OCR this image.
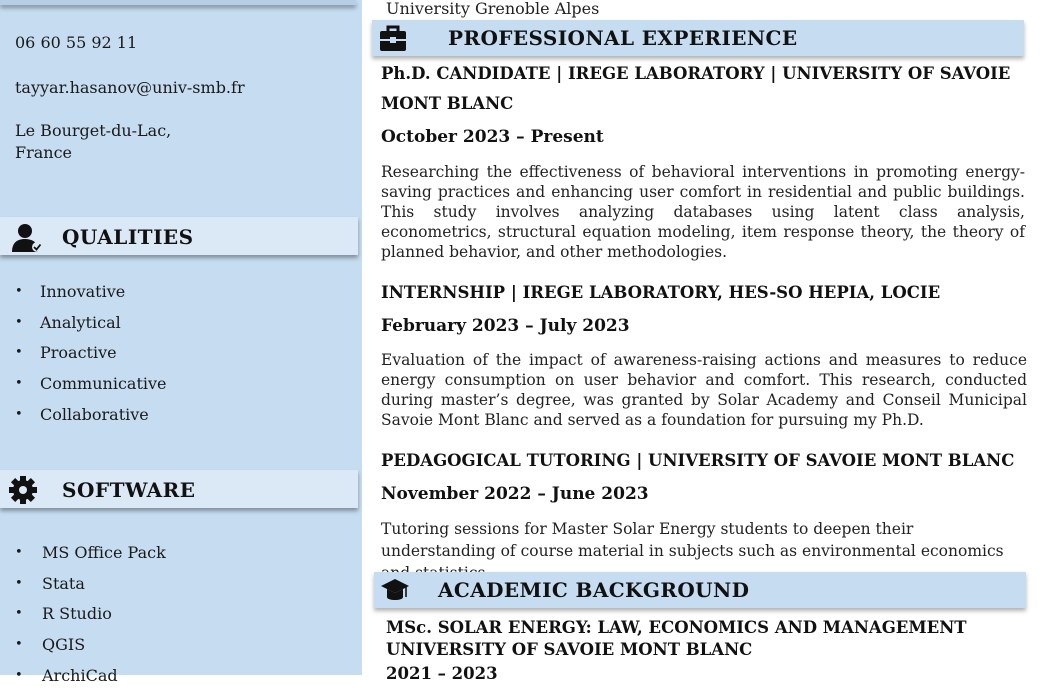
06 60 55 92 11
tayyar.hasanov@univ-smb.fr
Le Bourget-du-Lac,
France
QUALITIES
• Innovative
• Analytical
• Proactive
• Communicative
• Collaborative
SOFTWARE
• MS Office Pack
• Stata
• R Studio
• QGIS
• ArchiCad
University Grenoble Alpes
PROFESSIONAL EXPERIENCE
Ph.D. CANDIDATE | IREGE LABORATORY | UNIVERSITY OF SAVOIE MONT BLANC
October 2023 – Present
Researching the effectiveness of behavioral interventions in promoting energy-saving practices and enhancing user comfort in residential and public buildings. This study involves analyzing databases using latent class analysis, econometrics, structural equation modeling, item response theory, the theory of planned behavior, and other methodologies.
INTERNSHIP | IREGE LABORATORY, HES-SO HEPIA, LOCIE
February 2023 – July 2023
Evaluation of the impact of awareness-raising actions and measures to reduce energy consumption on user behavior and comfort. This research, conducted during master’s degree, was granted by Solar Academy and Conseil Municipal Savoie Mont Blanc and served as a foundation for pursuing my Ph.D.
PEDAGOGICAL TUTORING | UNIVERSITY OF SAVOIE MONT BLANC
November 2022 – June 2023
Tutoring sessions for Master Solar Energy students to deepen their understanding of course material in subjects such as environmental economics
ACADEMIC BACKGROUND
MSc. SOLAR ENERGY: LAW, ECONOMICS AND MANAGEMENT
UNIVERSITY OF SAVOIE MONT BLANC
2021 – 2023
